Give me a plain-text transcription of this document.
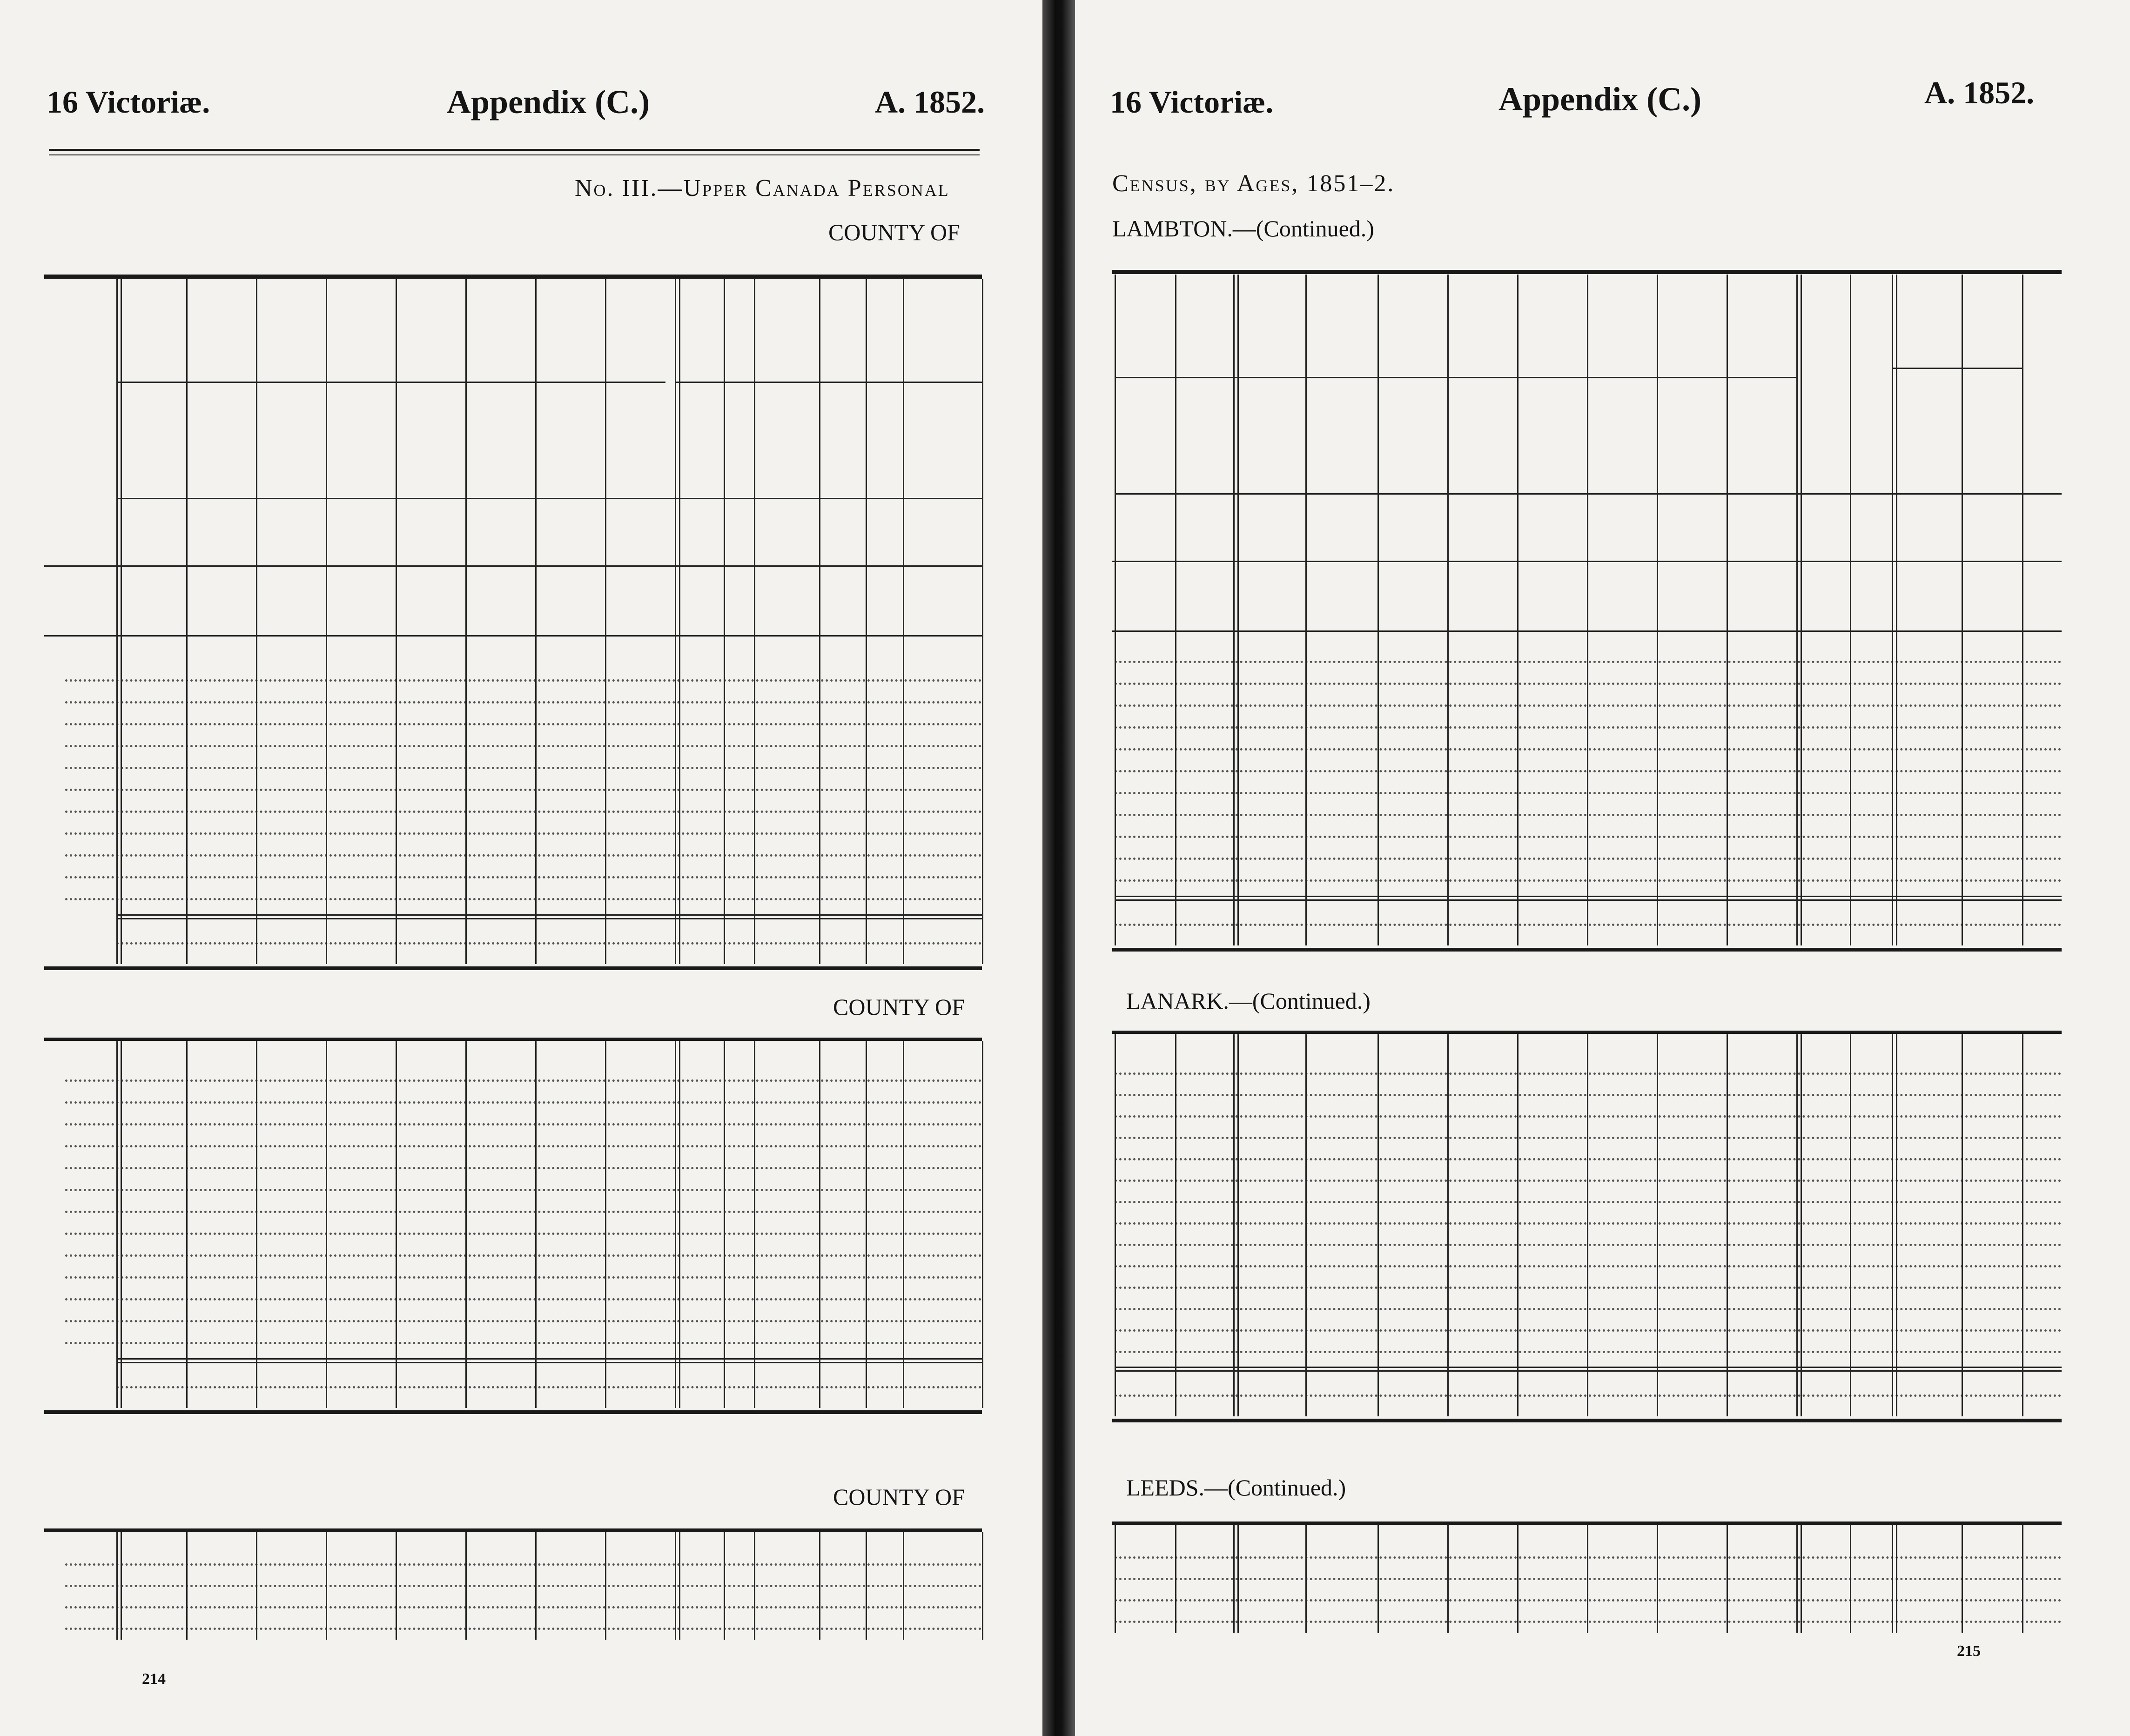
16 Victoriæ.	Appendix (C.)	A. 1852.
No. III.—Upper Canada Personal
COUNTY OF
COUNTY OF
COUNTY OF
214
16 Victoriæ.	Appendix (C.)	A. 1852.
Census, by Ages, 1851–2.
LAMBTON.—(Continued.)
LANARK.—(Continued.)
LEEDS.—(Continued.)
215
